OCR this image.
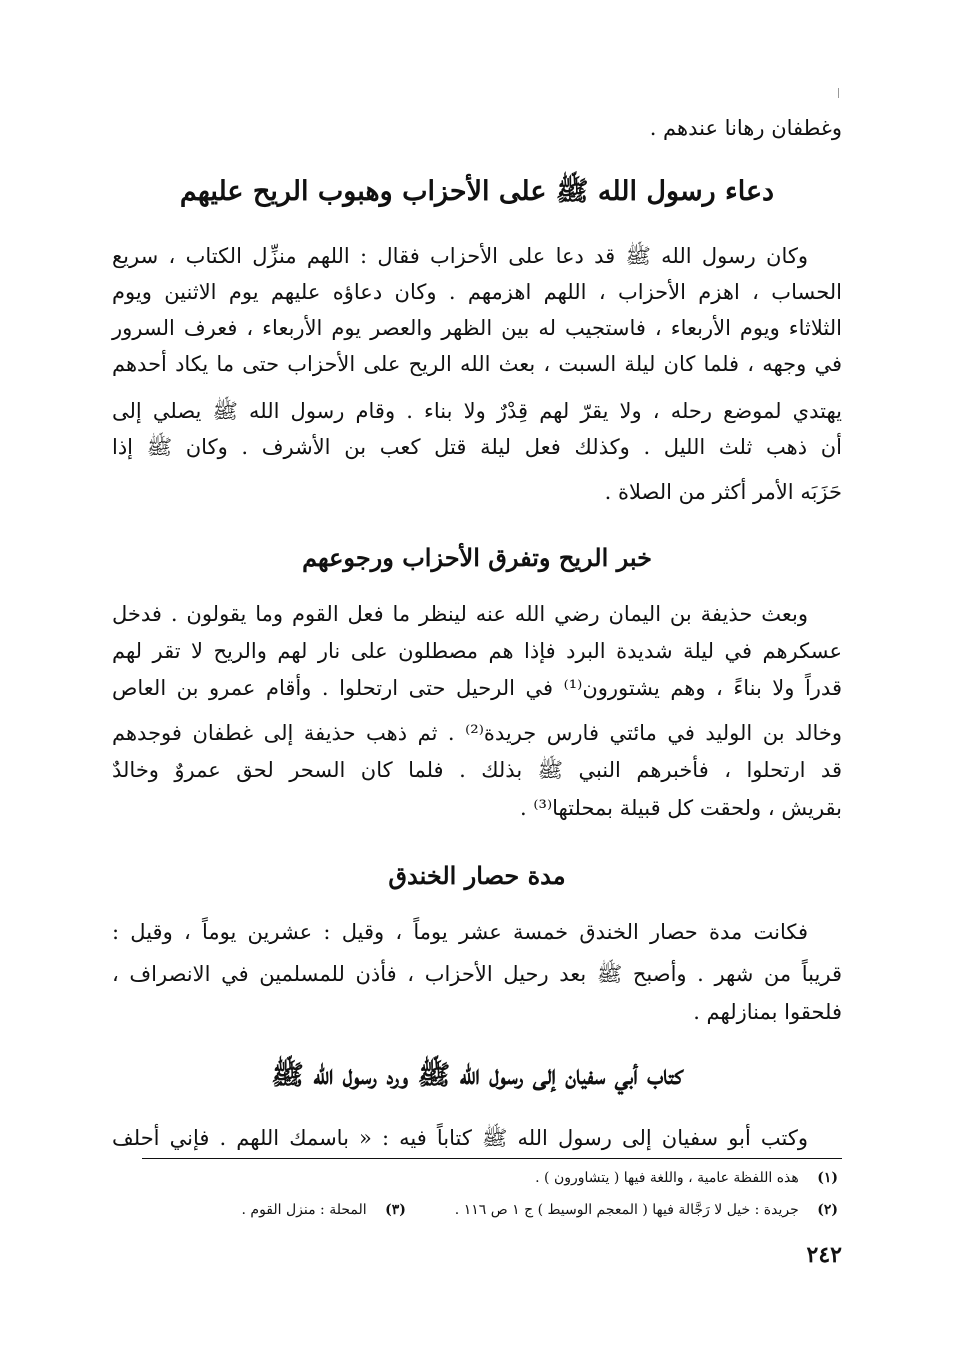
وغطفان رهانا عندهم .
دعاء رسول الله ﷺ على الأحزاب وهبوب الريح عليهم
وكان رسول الله ﷺ قد دعا على الأحزاب فقال : اللهم منزِّل الكتاب ، سريع
الحساب ، اهزم الأحزاب ، اللهم اهزمهم . وكان دعاؤه عليهم يوم الاثنين ويوم
الثلاثاء ويوم الأربعاء ، فاستجيب له بين الظهر والعصر يوم الأربعاء ، فعرف السرور
في وجهه ، فلما كان ليلة السبت ، بعث الله الريح على الأحزاب حتى ما يكاد أحدهم
يهتدي لموضع رحله ، ولا يقرّ لهم قِدْرٌ ولا بناء . وقام رسول الله ﷺ يصلي إلى
أن ذهب ثلث الليل . وكذلك فعل ليلة قتل كعب بن الأشرف . وكان ﷺ إذا
حَزَبَه الأمر أكثر من الصلاة .
خبر الريح وتفرق الأحزاب ورجوعهم
وبعث حذيفة بن اليمان رضي الله عنه لينظر ما فعل القوم وما يقولون . فدخل
عسكرهم في ليلة شديدة البرد فإذا هم مصطلون على نار لهم والريح لا تقر لهم
قدراً ولا بناءً ، وهم يشتورون⁽¹⁾ في الرحيل حتى ارتحلوا . وأقام عمرو بن العاص
وخالد بن الوليد في مائتي فارس جريدة⁽²⁾ . ثم ذهب حذيفة إلى غطفان فوجدهم
قد ارتحلوا ، فأخبرهم النبي ﷺ بذلك . فلما كان السحر لحق عمروٌ وخالدٌ
بقريش ، ولحقت كل قبيلة بمحلتها⁽³⁾ .
مدة حصار الخندق
فكانت مدة حصار الخندق خمسة عشر يوماً ، وقيل : عشرين يوماً ، وقيل :
قريباً من شهر . وأصبح ﷺ بعد رحيل الأحزاب ، فأذن للمسلمين في الانصراف ،
فلحقوا بمنازلهم .
كتاب أبي سفيان إلى رسول الله ﷺ ورد رسول الله ﷺ
وكتب أبو سفيان إلى رسول الله ﷺ كتاباً فيه : « باسمك اللهم . فإني أحلف
(١) هذه اللفظة عامية ، واللغة فيها ( يتشاورون ) .
(٢) جريدة : خيل لا رَجَّالة فيها ( المعجم الوسيط ) ج ١ ص ١١٦ .  (٣) المحلة : منزل القوم .
٢٤٢
